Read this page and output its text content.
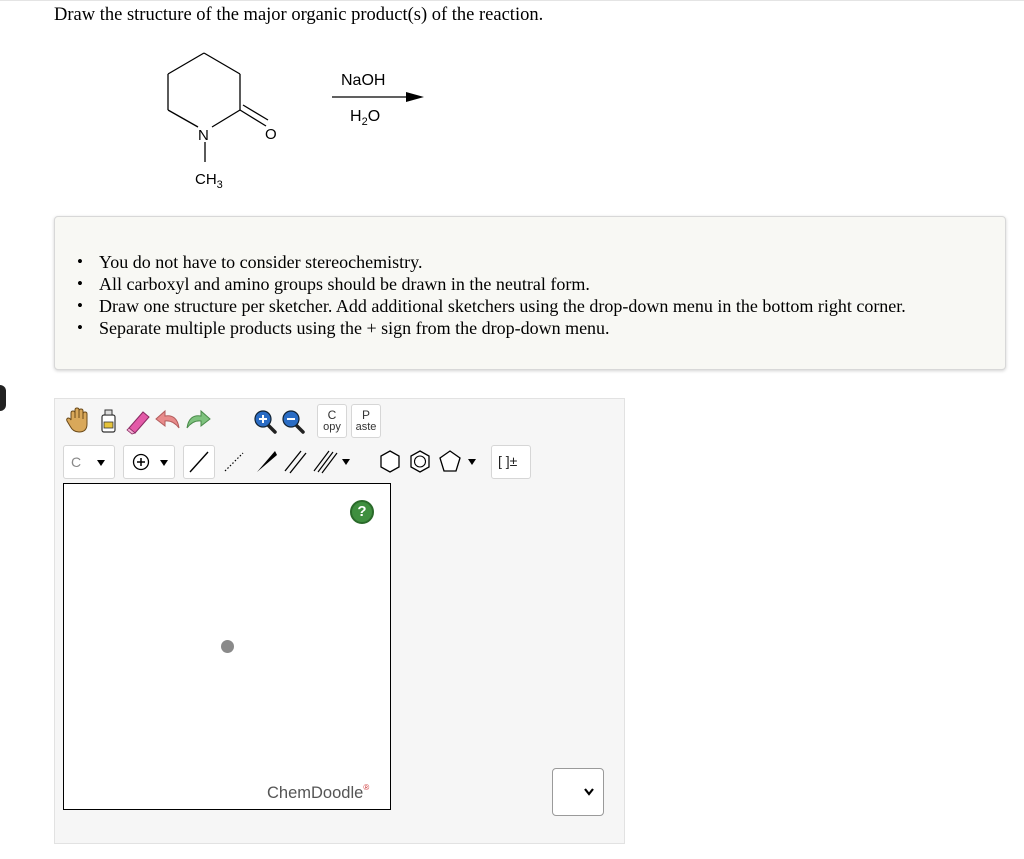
Draw the structure of the major organic product(s) of the reaction.
N	O
$CH_3$
NaOH
$H_2O$
• You do not have to consider stereochemistry.
• All carboxyl and amino groups should be drawn in the neutral form.
• Draw one structure per sketcher. Add additional sketchers using the drop-down menu in the bottom right corner.
• Separate multiple products using the + sign from the drop-down menu.
C
opy
P
aste
C	[ ]±
?
ChemDoodle®
